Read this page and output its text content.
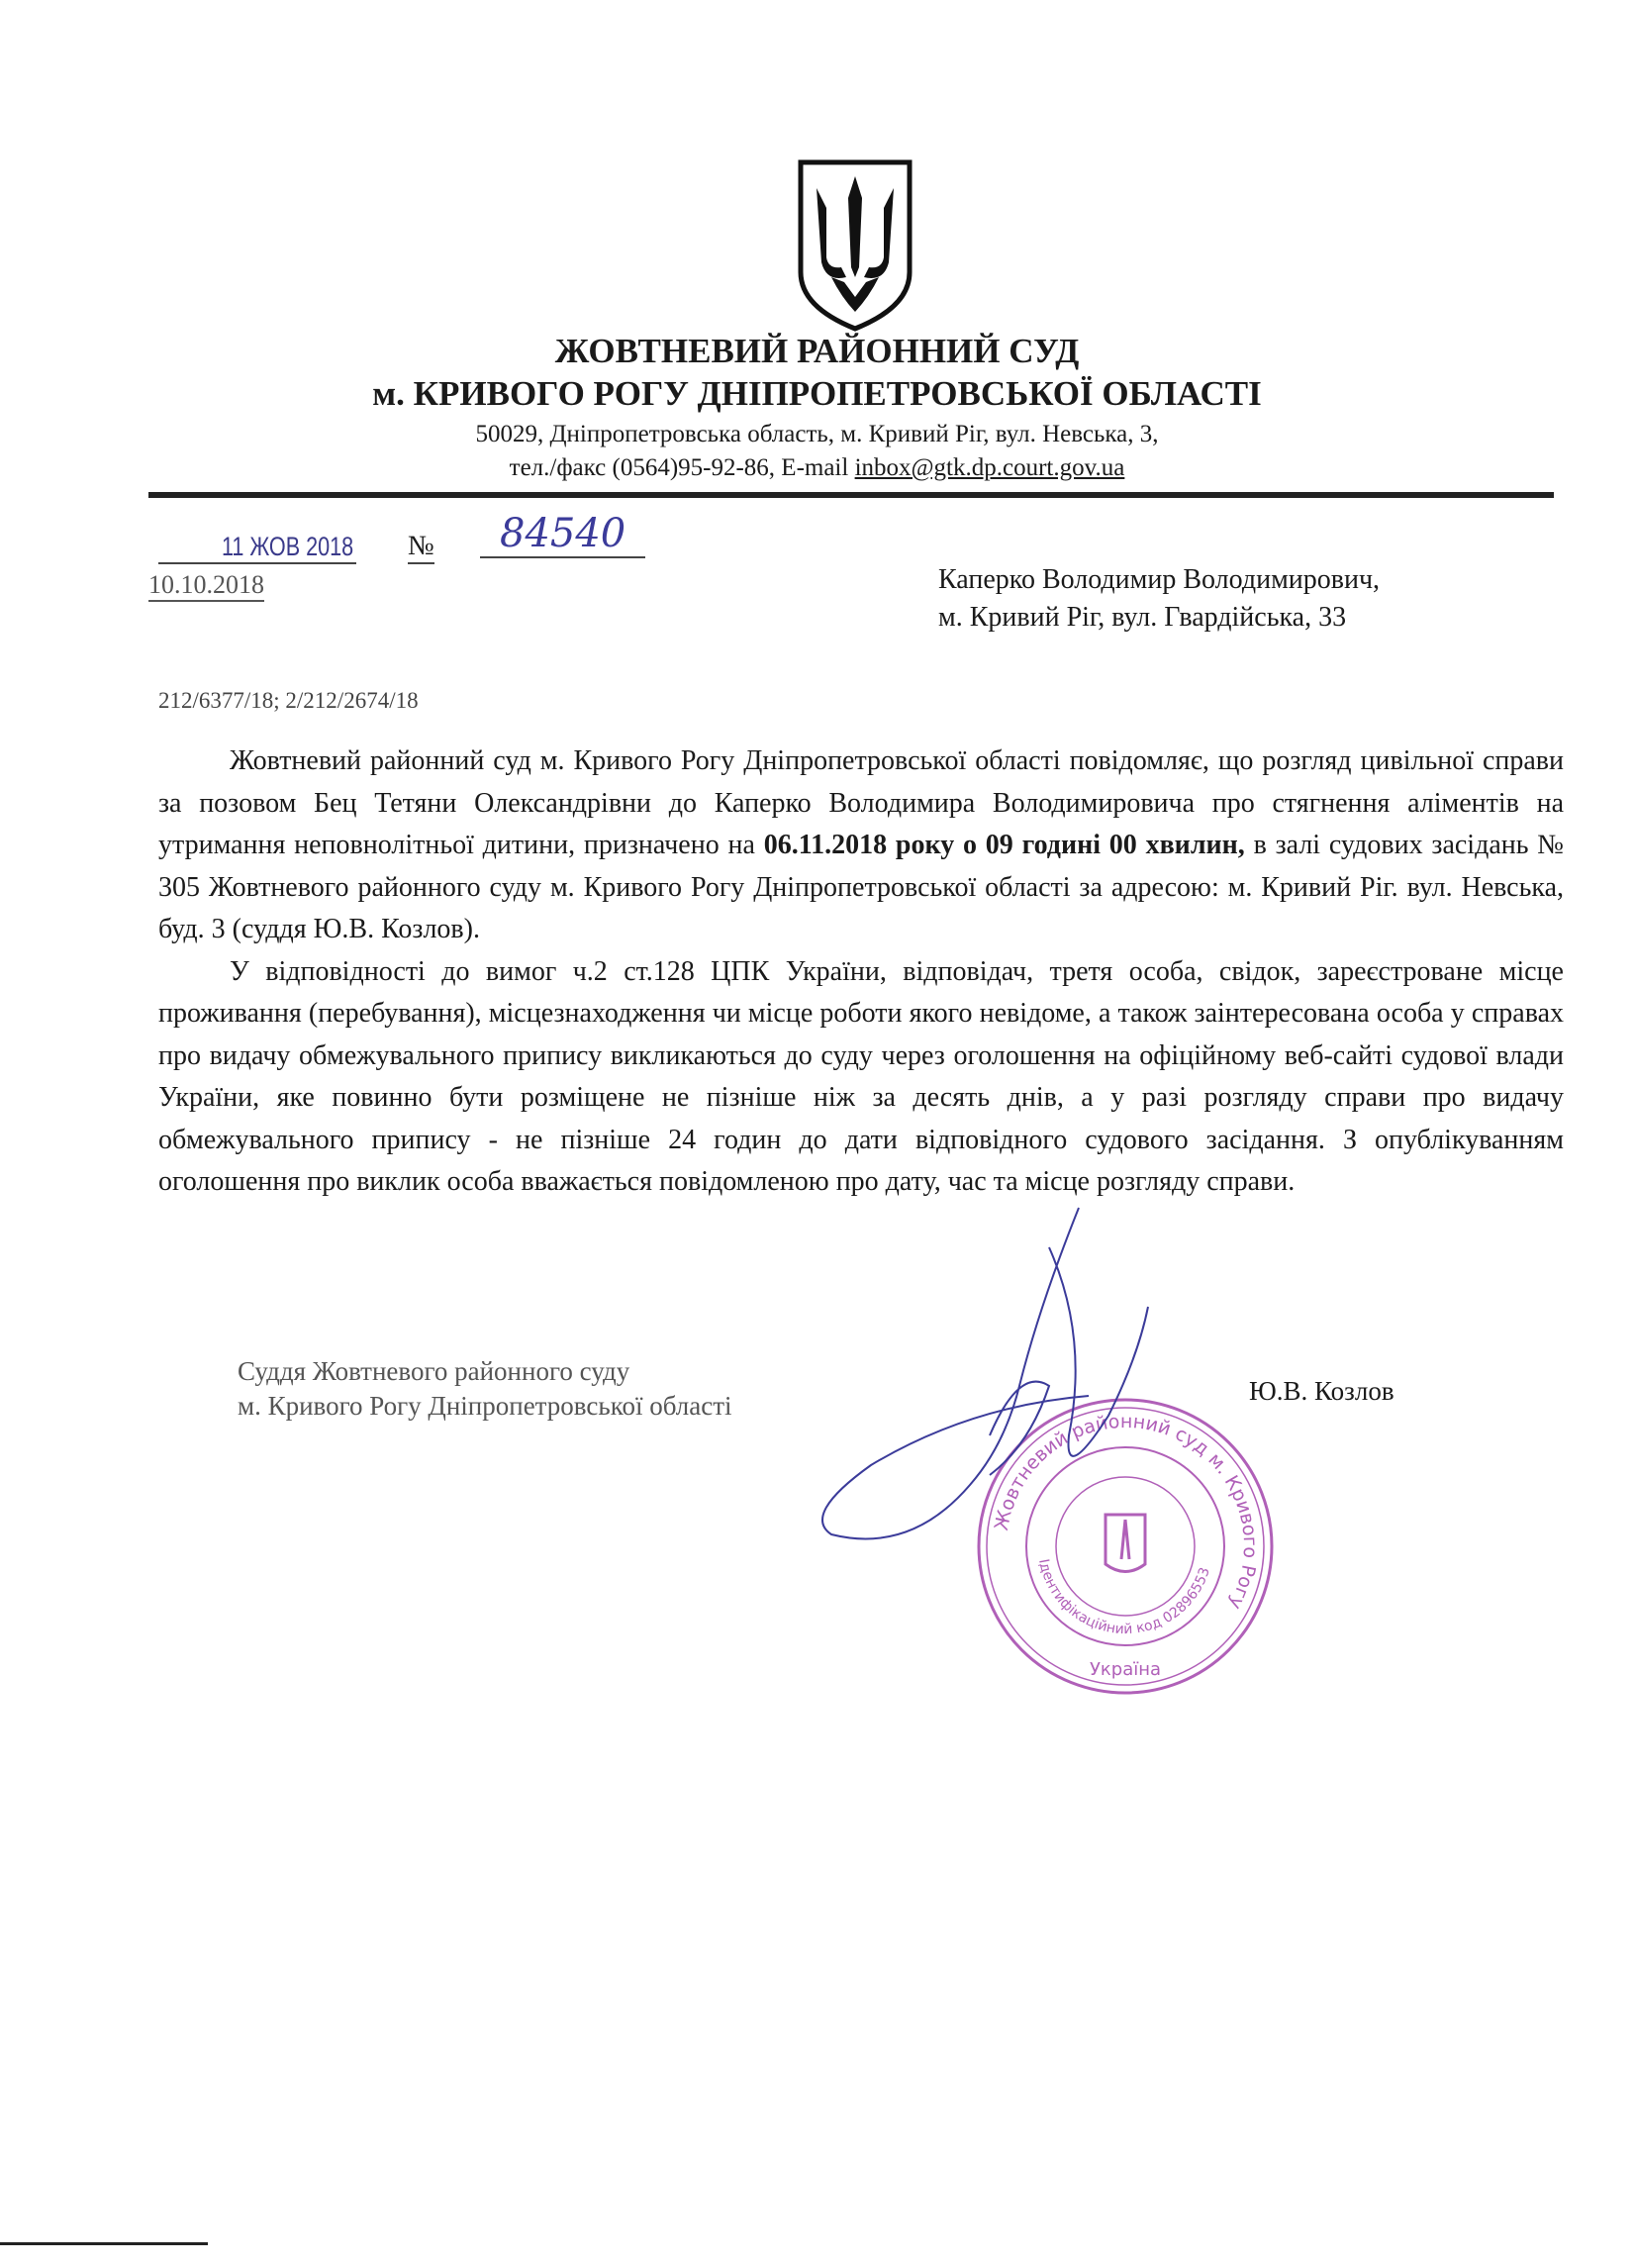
ЖОВТНЕВИЙ РАЙОННИЙ СУД
м. КРИВОГО РОГУ ДНІПРОПЕТРОВСЬКОЇ ОБЛАСТІ
50029, Дніпропетровська область, м. Кривий Ріг, вул. Невська, 3,
тел./факс (0564)95-92-86, E-mail inbox@gtk.dp.court.gov.ua
11 ЖОВ 2018 №	84540
10.10.2018	Каперко Володимир Володимирович,
м. Кривий Ріг, вул. Гвардійська, 33
212/6377/18; 2/212/2674/18

Жовтневий районний суд м. Кривого Рогу Дніпропетровської області повідомляє, що розгляд цивільної справи за позовом Бец Тетяни Олександрівни до Каперко Володимира Володимировича про стягнення аліментів на утримання неповнолітньої дитини, призначено на 06.11.2018 року о 09 годині 00 хвилин, в залі судових засідань № 305 Жовтневого районного суду м. Кривого Рогу Дніпропетровської області за адресою: м. Кривий Ріг. вул. Невська, буд. 3 (суддя Ю.В. Козлов).

У відповідності до вимог ч.2 ст.128 ЦПК України, відповідач, третя особа, свідок, зареєстроване місце проживання (перебування), місцезнаходження чи місце роботи якого невідоме, а також заінтересована особа у справах про видачу обмежувального припису викликаються до суду через оголошення на офіційному веб-сайті судової влади України, яке повинно бути розміщене не пізніше ніж за десять днів, а у разі розгляду справи про видачу обмежувального припису - не пізніше 24 годин до дати відповідного судового засідання. З опублікуванням оголошення про виклик особа вважається повідомленою про дату, час та місце розгляду справи.

Суддя Жовтневого районного суду
м. Кривого Рогу Дніпропетровської області	Ю.В. Козлов
Жовтневий районний суд м. Кривого Рогу
Ідентифікаційний код 02896553
Україна
